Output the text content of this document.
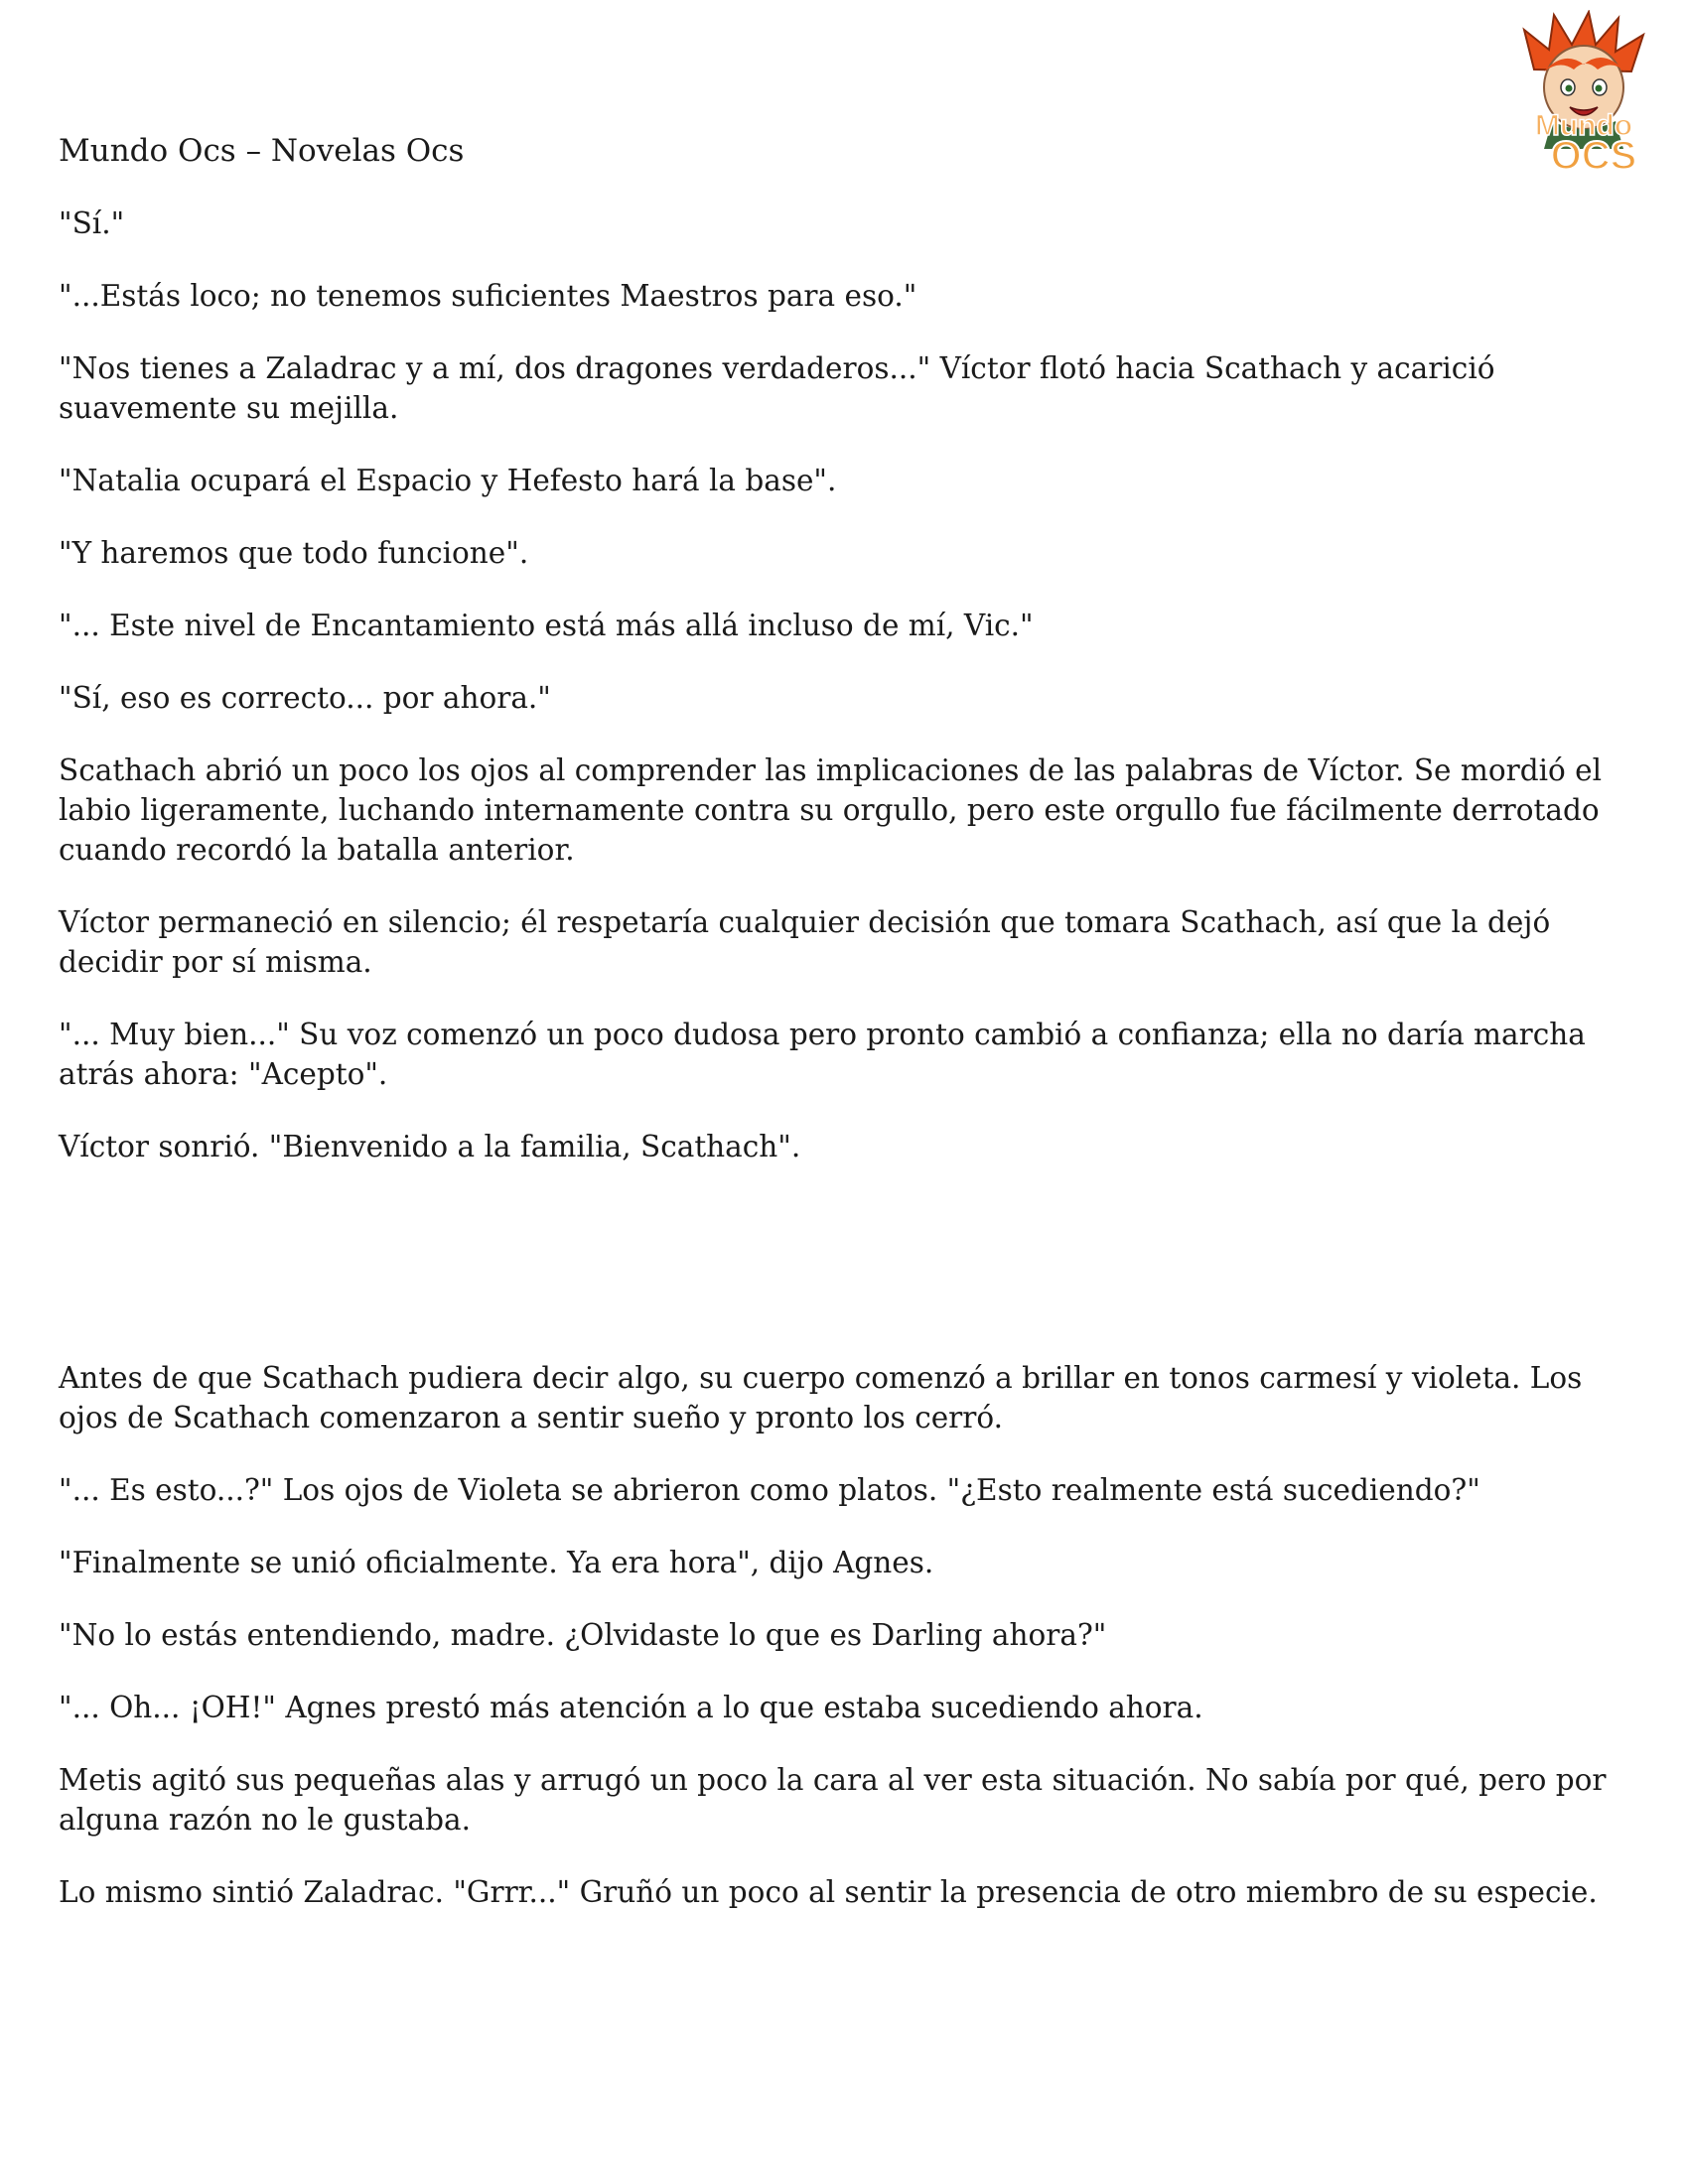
Mundo Ocs – Novelas Ocs
Mundo
OCS

"Sí."

"...Estás loco; no tenemos suficientes Maestros para eso."

"Nos tienes a Zaladrac y a mí, dos dragones verdaderos..." Víctor flotó hacia Scathach y acarició suavemente su mejilla.

"Natalia ocupará el Espacio y Hefesto hará la base".

"Y haremos que todo funcione".

"... Este nivel de Encantamiento está más allá incluso de mí, Vic."

"Sí, eso es correcto... por ahora."

Scathach abrió un poco los ojos al comprender las implicaciones de las palabras de Víctor. Se mordió el labio ligeramente, luchando internamente contra su orgullo, pero este orgullo fue fácilmente derrotado cuando recordó la batalla anterior.

Víctor permaneció en silencio; él respetaría cualquier decisión que tomara Scathach, así que la dejó decidir por sí misma.

"... Muy bien..." Su voz comenzó un poco dudosa pero pronto cambió a confianza; ella no daría marcha atrás ahora: "Acepto".

Víctor sonrió. "Bienvenido a la familia, Scathach".

Antes de que Scathach pudiera decir algo, su cuerpo comenzó a brillar en tonos carmesí y violeta. Los ojos de Scathach comenzaron a sentir sueño y pronto los cerró.

"... Es esto...?" Los ojos de Violeta se abrieron como platos. "¿Esto realmente está sucediendo?"

"Finalmente se unió oficialmente. Ya era hora", dijo Agnes.

"No lo estás entendiendo, madre. ¿Olvidaste lo que es Darling ahora?"

"... Oh... ¡OH!" Agnes prestó más atención a lo que estaba sucediendo ahora.

Metis agitó sus pequeñas alas y arrugó un poco la cara al ver esta situación. No sabía por qué, pero por alguna razón no le gustaba.

Lo mismo sintió Zaladrac. "Grrr..." Gruñó un poco al sentir la presencia de otro miembro de su especie.
